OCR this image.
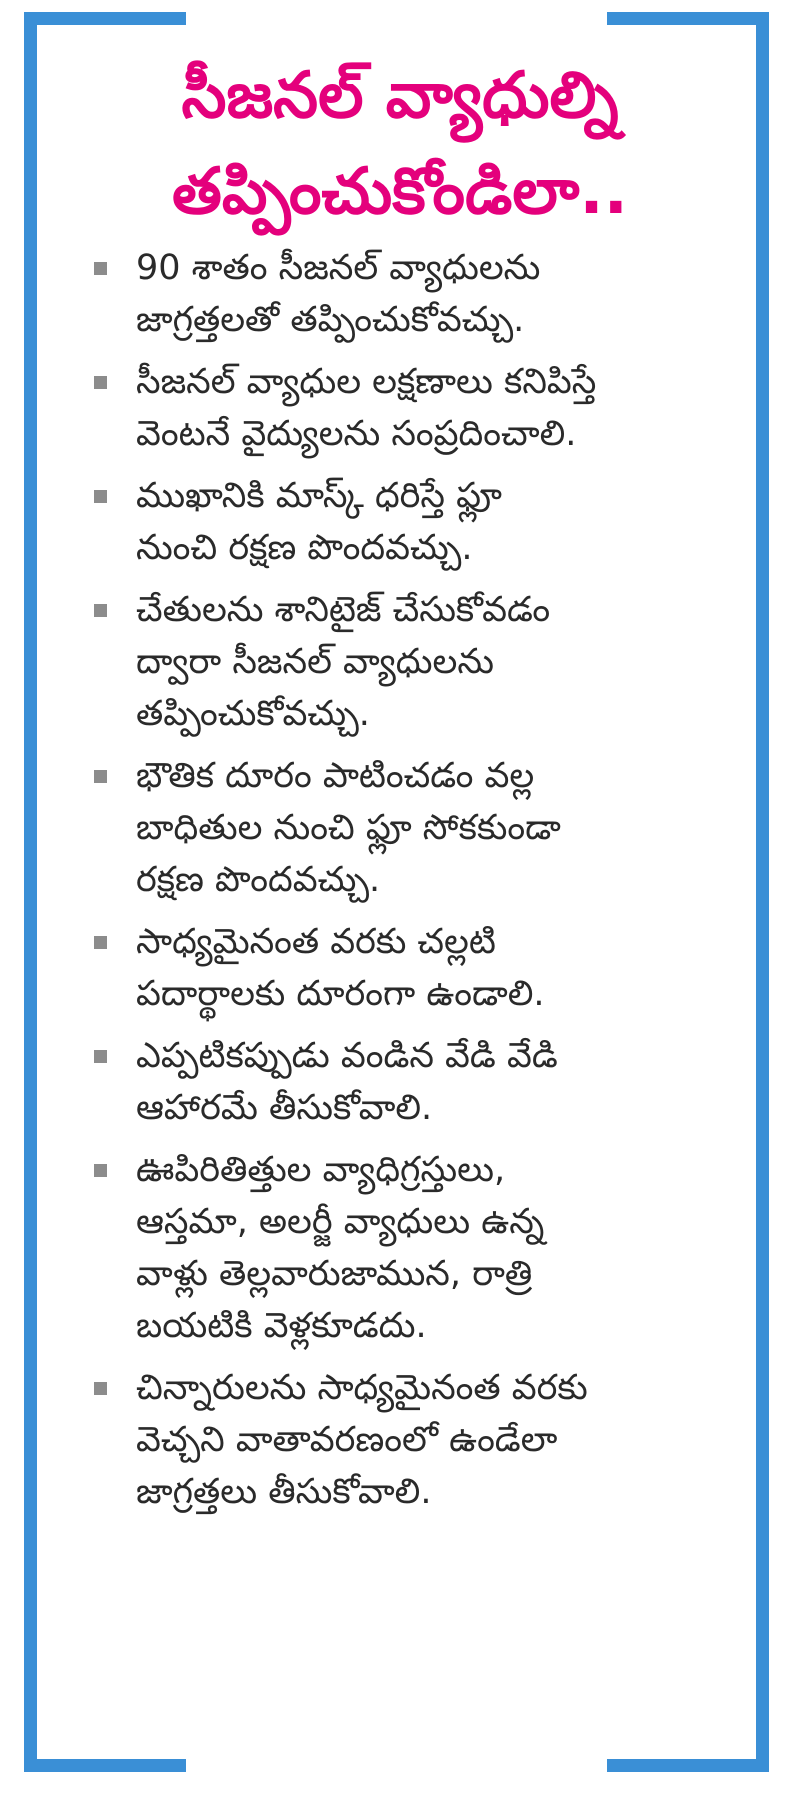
సీజనల్ వ్యాధుల్ని
తప్పించుకోండిలా..
90 శాతం సీజనల్ వ్యాధులను
జాగ్రత్తలతో తప్పించుకోవచ్చు.
సీజనల్ వ్యాధుల లక్షణాలు కనిపిస్తే
వెంటనే వైద్యులను సంప్రదించాలి.
ముఖానికి మాస్క్ ధరిస్తే ఫ్లూ
నుంచి రక్షణ పొందవచ్చు.
చేతులను శానిటైజ్ చేసుకోవడం
ద్వారా సీజనల్ వ్యాధులను
తప్పించుకోవచ్చు.
భౌతిక దూరం పాటించడం వల్ల
బాధితుల నుంచి ఫ్లూ సోకకుండా
రక్షణ పొందవచ్చు.
సాధ్యమైనంత వరకు చల్లటి
పదార్థాలకు దూరంగా ఉండాలి.
ఎప్పటికప్పుడు వండిన వేడి వేడి
ఆహారమే తీసుకోవాలి.
ఊపిరితిత్తుల వ్యాధిగ్రస్తులు,
ఆస్తమా, అలర్జీ వ్యాధులు ఉన్న
వాళ్లు తెల్లవారుజామున, రాత్రి
బయటికి వెళ్లకూడదు.
చిన్నారులను సాధ్యమైనంత వరకు
వెచ్చని వాతావరణంలో ఉండేలా
జాగ్రత్తలు తీసుకోవాలి.
